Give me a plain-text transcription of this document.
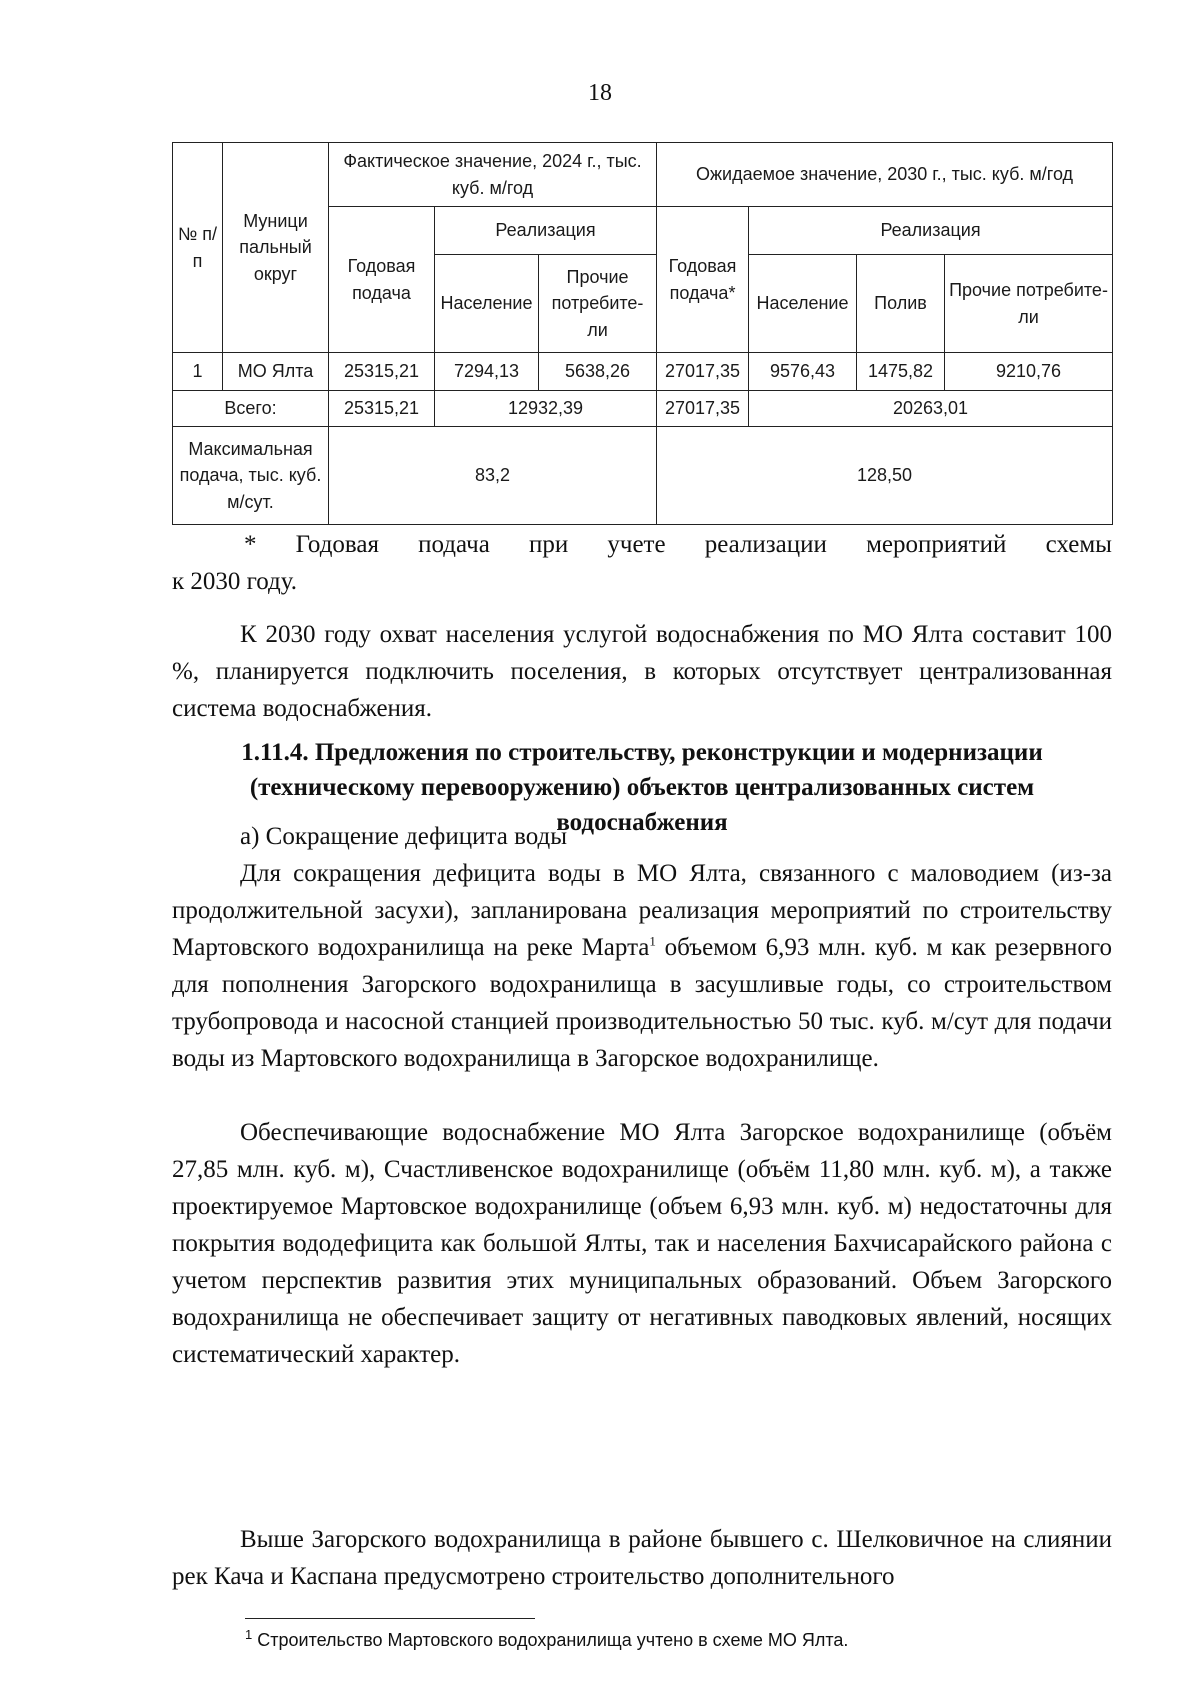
18
№ п/п	Муници пальный округ	Фактическое значение, 2024 г., тыс. куб. м/год			Ожидаемое значение, 2030 г., тыс. куб. м/год			
		Годовая подача	Реализация		Годовая подача*	Реализация		
			Население	Прочие потребите-ли		Население	Полив	Прочие потребите-ли
1	МО Ялта	25315,21	7294,13	5638,26	27017,35	9576,43	1475,82	9210,76
Всего:		25315,21	12932,39		27017,35	20263,01		
Максимальная подача, тыс. куб. м/сут.		83,2			128,50			
* Годовая подача при учете реализации мероприятий схемы
к 2030 году.

К 2030 году охват населения услугой водоснабжения по МО Ялта составит 100 %, планируется подключить поселения, в которых отсутствует централизованная система водоснабжения.

1.11.4. Предложения по строительству, реконструкции и модернизации (техническому перевооружению) объектов централизованных систем водоснабжения
а) Сокращение дефицита воды

Для сокращения дефицита воды в МО Ялта, связанного с маловодием (из-за продолжительной засухи), запланирована реализация мероприятий по строительству Мартовского водохранилища на реке Марта$^1$ объемом 6,93 млн. куб. м как резервного для пополнения Загорского водохранилища в засушливые годы, со строительством трубопровода и насосной станцией производительностью 50 тыс. куб. м/сут для подачи воды из Мартовского водохранилища в Загорское водохранилище.

Обеспечивающие водоснабжение МО Ялта Загорское водохранилище (объём 27,85 млн. куб. м), Счастливенское водохранилище (объём 11,80 млн. куб. м), а также проектируемое Мартовское водохранилище (объем 6,93 млн. куб. м) недостаточны для покрытия вододефицита как большой Ялты, так и населения Бахчисарайского района с учетом перспектив развития этих муниципальных образований. Объем Загорского водохранилища не обеспечивает защиту от негативных паводковых явлений, носящих систематический характер.

Выше Загорского водохранилища в районе бывшего с. Шелковичное на слиянии рек Кача и Каспана предусмотрено строительство дополнительного

$^1$ Строительство Мартовского водохранилища учтено в схеме МО Ялта.
